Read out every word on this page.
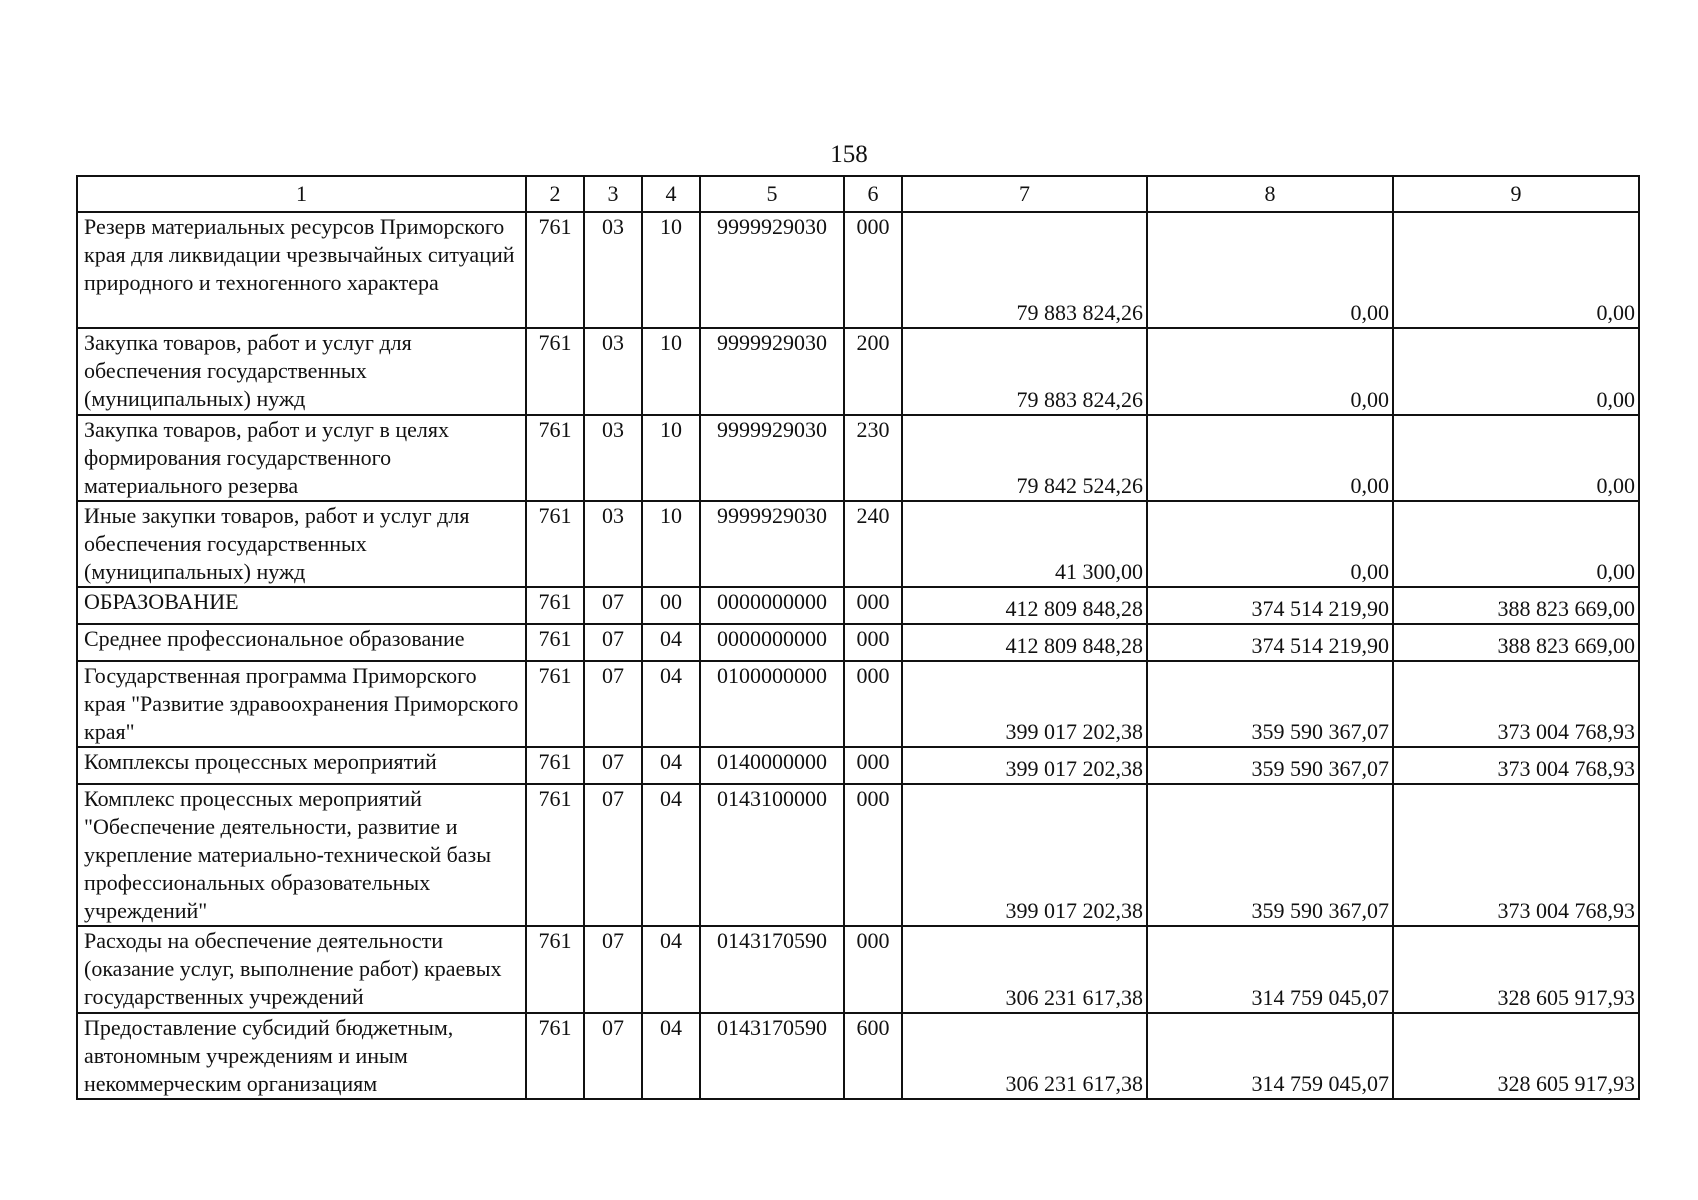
158
1	2	3	4	5	6	7	8	9
Резерв материальных ресурсов Приморского края для ликвидации чрезвычайных ситуаций природного и техногенного характера	761	03	10	9999929030	000	79 883 824,26	0,00	0,00
Закупка товаров, работ и услуг для обеспечения государственных (муниципальных) нужд	761	03	10	9999929030	200	79 883 824,26	0,00	0,00
Закупка товаров, работ и услуг в целях формирования государственного материального резерва	761	03	10	9999929030	230	79 842 524,26	0,00	0,00
Иные закупки товаров, работ и услуг для обеспечения государственных (муниципальных) нужд	761	03	10	9999929030	240	41 300,00	0,00	0,00
ОБРАЗОВАНИЕ	761	07	00	0000000000	000	412 809 848,28	374 514 219,90	388 823 669,00
Среднее профессиональное образование	761	07	04	0000000000	000	412 809 848,28	374 514 219,90	388 823 669,00
Государственная программа Приморского края "Развитие здравоохранения Приморского края"	761	07	04	0100000000	000	399 017 202,38	359 590 367,07	373 004 768,93
Комплексы процессных мероприятий	761	07	04	0140000000	000	399 017 202,38	359 590 367,07	373 004 768,93
Комплекс процессных мероприятий "Обеспечение деятельности, развитие и укрепление материально-технической базы профессиональных образовательных учреждений"	761	07	04	0143100000	000	399 017 202,38	359 590 367,07	373 004 768,93
Расходы на обеспечение деятельности (оказание услуг, выполнение работ) краевых государственных учреждений	761	07	04	0143170590	000	306 231 617,38	314 759 045,07	328 605 917,93
Предоставление субсидий бюджетным, автономным учреждениям и иным некоммерческим организациям	761	07	04	0143170590	600	306 231 617,38	314 759 045,07	328 605 917,93
